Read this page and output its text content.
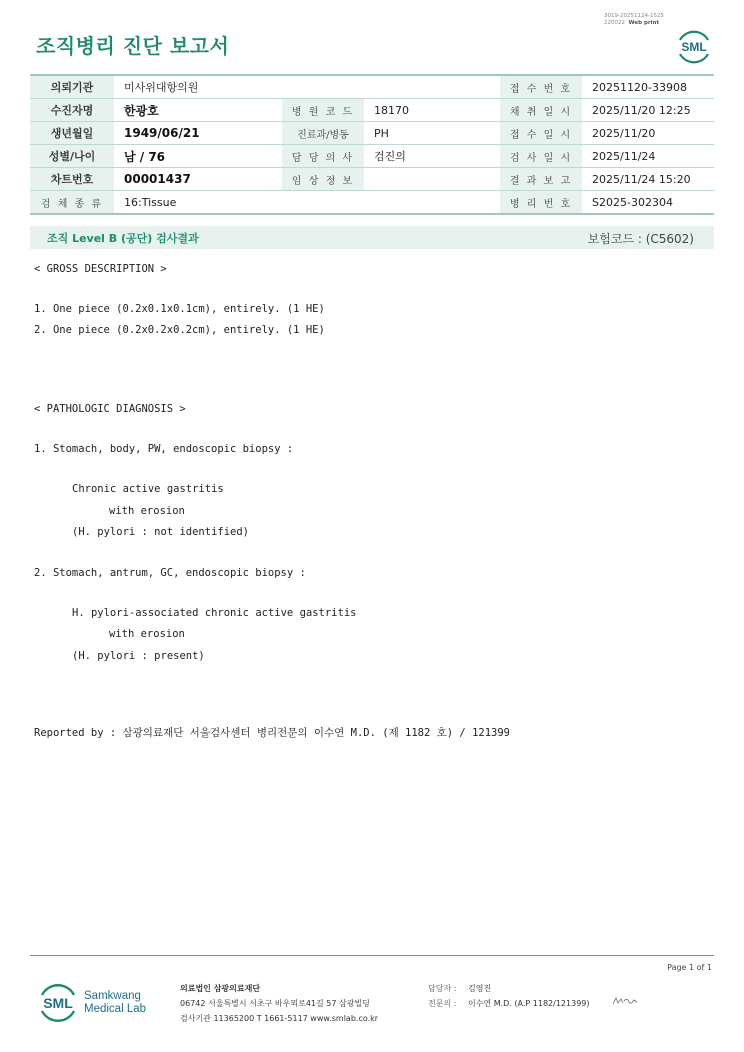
3019-20251124-1525
220022 Web print
조직병리 진단 보고서	SML
의뢰기관	미사위대항의원			접 수 번 호	20251120-33908
수진자명	한광호	병 원 코 드	18170	채 취 일 시	2025/11/20 12:25
생년월일	1949/06/21	진료과/병동	PH	접 수 일 시	2025/11/20
성별/나이	남 / 76	담 당 의 사	검진의	검 사 일 시	2025/11/24
차트번호	00001437	임 상 정 보		결 과 보 고	2025/11/24 15:20
검 체 종 류	16:Tissue			병 리 번 호	S2025-302304
조직 Level B (공단) 검사결과	보험코드 : (C5602)
< GROSS DESCRIPTION >
1. One piece (0.2x0.1x0.1cm), entirely. (1 HE)
2. One piece (0.2x0.2x0.2cm), entirely. (1 HE)
< PATHOLOGIC DIAGNOSIS >
1. Stomach, body, PW, endoscopic biopsy :
Chronic active gastritis
with erosion
(H. pylori : not identified)
2. Stomach, antrum, GC, endoscopic biopsy :
H. pylori-associated chronic active gastritis
with erosion
(H. pylori : present)
Reported by : 삼광의료재단 서울검사센터 병리전문의 이수연 M.D. (제 1182 호) / 121399
Page 1 of 1
SML Samkwang
Medical Lab
의료법인 삼광의료재단
06742 서울특별시 서초구 바우뫼로41길 57 삼광빌딩
검사기관 11365200 T 1661-5117 www.smlab.co.kr
담당자 : 김영진
전문의 : 이수연 M.D. (A.P 1182/121399)
